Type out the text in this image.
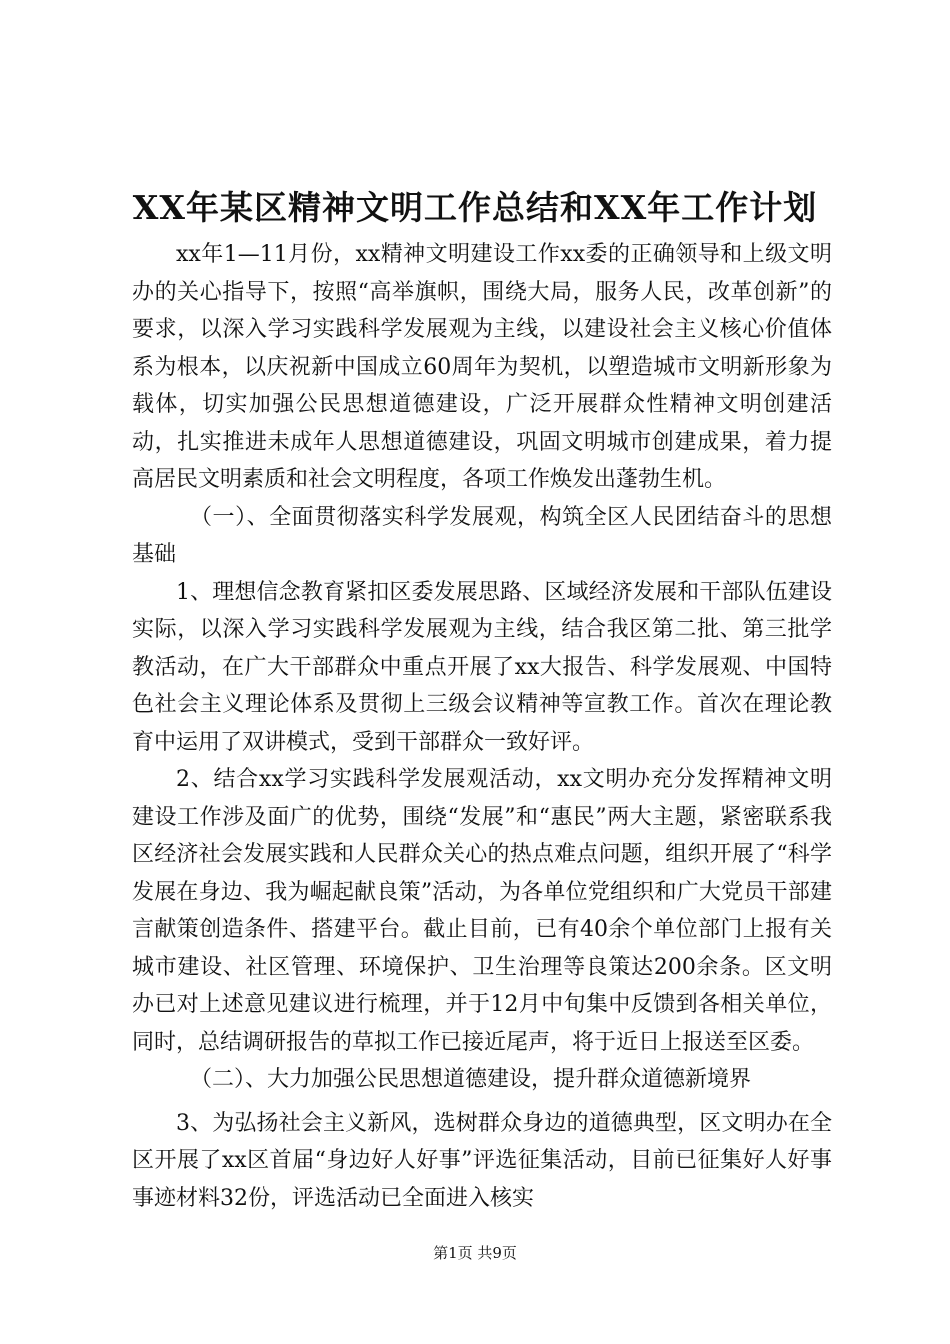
XX年某区精神文明工作总结和XX年工作计划

xx年1—11月份，xx精神文明建设工作xx委的正确领导和上级文明办的关心指导下，按照“高举旗帜，围绕大局，服务人民，改革创新”的要求，以深入学习实践科学发展观为主线，以建设社会主义核心价值体系为根本，以庆祝新中国成立60周年为契机，以塑造城市文明新形象为载体，切实加强公民思想道德建设，广泛开展群众性精神文明创建活动，扎实推进未成年人思想道德建设，巩固文明城市创建成果，着力提高居民文明素质和社会文明程度，各项工作焕发出蓬勃生机。

（一）、全面贯彻落实科学发展观，构筑全区人民团结奋斗的思想基础

1、理想信念教育紧扣区委发展思路、区域经济发展和干部队伍建设实际，以深入学习实践科学发展观为主线，结合我区第二批、第三批学教活动，在广大干部群众中重点开展了xx大报告、科学发展观、中国特色社会主义理论体系及贯彻上三级会议精神等宣教工作。首次在理论教育中运用了双讲模式，受到干部群众一致好评。

2、结合xx学习实践科学发展观活动，xx文明办充分发挥精神文明建设工作涉及面广的优势，围绕“发展”和“惠民”两大主题，紧密联系我区经济社会发展实践和人民群众关心的热点难点问题，组织开展了“科学发展在身边、我为崛起献良策”活动，为各单位党组织和广大党员干部建言献策创造条件、搭建平台。截止目前，已有40余个单位部门上报有关城市建设、社区管理、环境保护、卫生治理等良策达200余条。区文明办已对上述意见建议进行梳理，并于12月中旬集中反馈到各相关单位，同时，总结调研报告的草拟工作已接近尾声，将于近日上报送至区委。

（二）、大力加强公民思想道德建设，提升群众道德新境界

3、为弘扬社会主义新风，选树群众身边的道德典型，区文明办在全区开展了xx区首届“身边好人好事”评选征集活动，目前已征集好人好事事迹材料32份，评选活动已全面进入核实

第1页 共9页
